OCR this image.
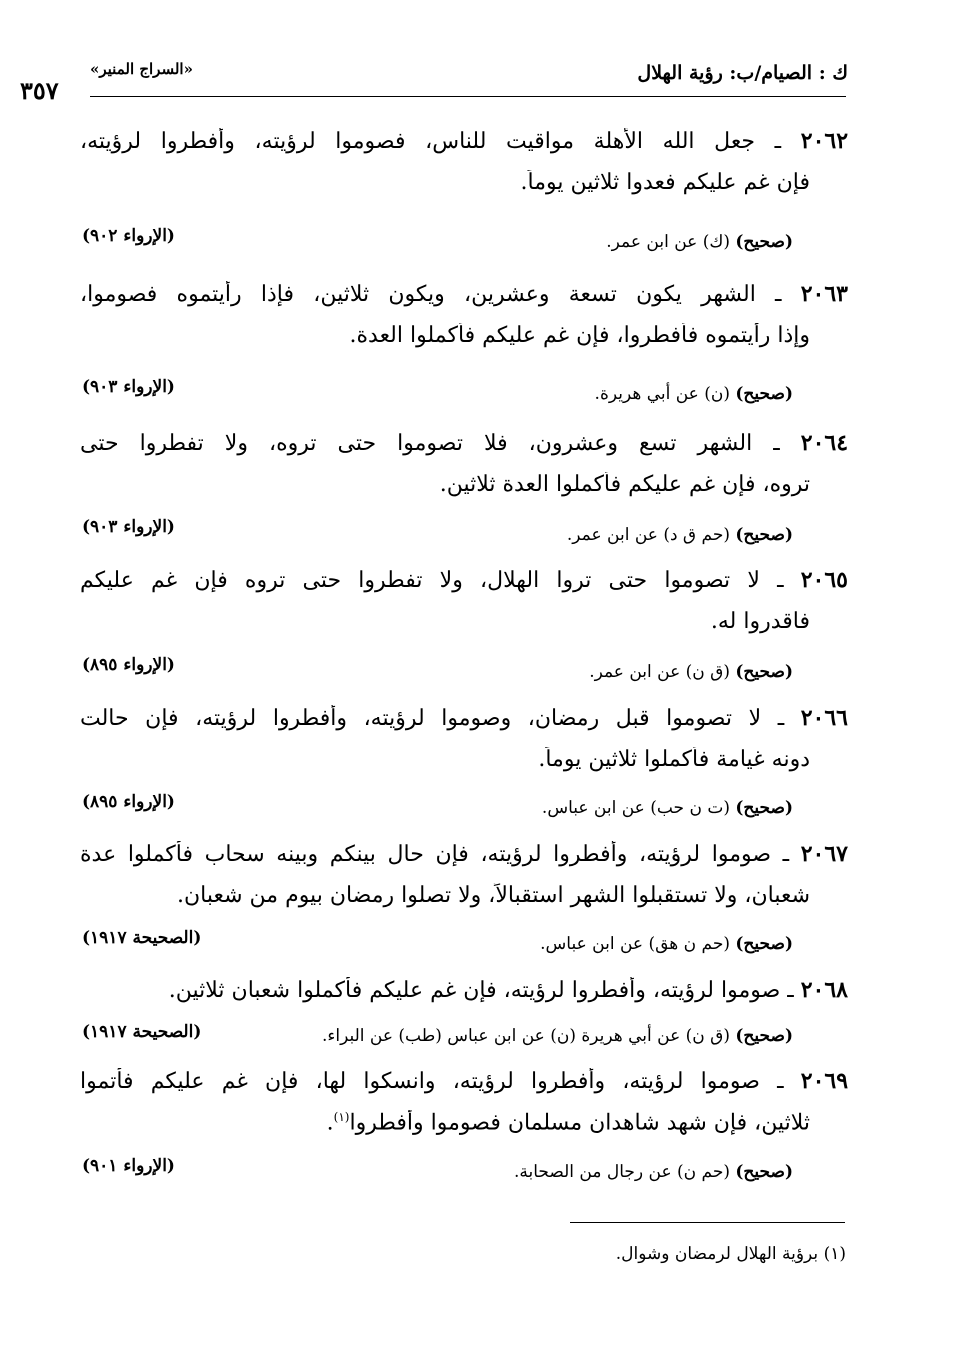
ك : الصيام/ب: رؤية الهلال
«السراج المنير»
٣٥٧
٢٠٦٢ ـ جعل الله الأهلة مواقيت للناس، فصوموا لرؤيته، وأفطروا لرؤيته،
فإن غم عليكم فعدوا ثلاثين يوماً.
(صحيح) (ك) عن ابن عمر.
(الإرواء ٩٠٢)
٢٠٦٣ ـ الشهر يكون تسعة وعشرين، ويكون ثلاثين، فإذا رأيتموه فصوموا،
وإذا رأيتموه فأفطروا، فإن غم عليكم فأكملوا العدة.
(صحيح) (ن) عن أبي هريرة.
(الإرواء ٩٠٣)
٢٠٦٤ ـ الشهر تسع وعشرون، فلا تصوموا حتى تروه، ولا تفطروا حتى
تروه، فإن غم عليكم فأكملوا العدة ثلاثين.
(صحيح) (حم ق د) عن ابن عمر.
(الإرواء ٩٠٣)
٢٠٦٥ ـ لا تصوموا حتى تروا الهلال، ولا تفطروا حتى تروه فإن غم عليكم
فاقدروا له.
(صحيح) (ق ن) عن ابن عمر.
(الإرواء ٨٩٥)
٢٠٦٦ ـ لا تصوموا قبل رمضان، وصوموا لرؤيته، وأفطروا لرؤيته، فإن حالت
دونه غيامة فأكملوا ثلاثين يوماً.
(صحيح) (ت ن حب) عن ابن عباس.
(الإرواء ٨٩٥)
٢٠٦٧ ـ صوموا لرؤيته، وأفطروا لرؤيته، فإن حال بينكم وبينه سحاب فأكملوا عدة
شعبان، ولا تستقبلوا الشهر استقبالاً، ولا تصلوا رمضان بيوم من شعبان.
(صحيح) (حم ن هق) عن ابن عباس.
(الصحيحة ١٩١٧)
٢٠٦٨ ـ صوموا لرؤيته، وأفطروا لرؤيته، فإن غم عليكم فأكملوا شعبان ثلاثين.
(صحيح) (ق ن) عن أبي هريرة (ن) عن ابن عباس (طب) عن البراء.
(الصحيحة ١٩١٧)
٢٠٦٩ ـ صوموا لرؤيته، وأفطروا لرؤيته، وانسكوا لها، فإن غم عليكم فأتموا
ثلاثين، فإن شهد شاهدان مسلمان فصوموا وأفطروا$^{(١)}$.
(صحيح) (حم ن) عن رجال من الصحابة.
(الإرواء ٩٠١)
(١) برؤية الهلال لرمضان وشوال.
